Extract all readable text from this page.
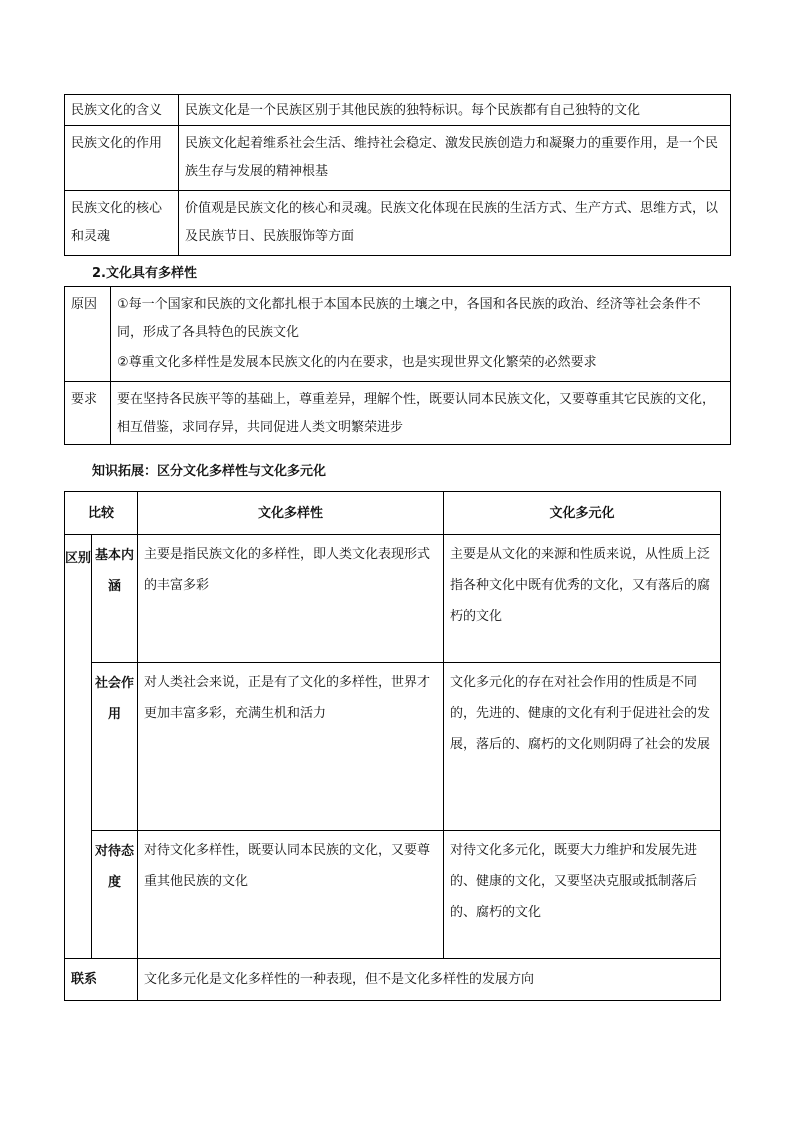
民族文化的含义	民族文化是一个民族区别于其他民族的独特标识。每个民族都有自己独特的文化
民族文化的作用	民族文化起着维系社会生活、维持社会稳定、激发民族创造力和凝聚力的重要作用，是一个民族生存与发展的精神根基
民族文化的核心和灵魂	价值观是民族文化的核心和灵魂。民族文化体现在民族的生活方式、生产方式、思维方式，以及民族节日、民族服饰等方面
2.文化具有多样性
原因	①每一个国家和民族的文化都扎根于本国本民族的土壤之中，各国和各民族的政治、经济等社会条件不同，形成了各具特色的民族文化
②尊重文化多样性是发展本民族文化的内在要求，也是实现世界文化繁荣的必然要求

要求	要在坚持各民族平等的基础上，尊重差异，理解个性，既要认同本民族文化，又要尊重其它民族的文化，相互借鉴，求同存异，共同促进人类文明繁荣进步
知识拓展：区分文化多样性与文化多元化
比较		文化多样性	文化多元化
区别	基本内涵	主要是指民族文化的多样性，即人类文化表现形式的丰富多彩	主要是从文化的来源和性质来说，从性质上泛指各种文化中既有优秀的文化，又有落后的腐朽的文化
	社会作用	对人类社会来说，正是有了文化的多样性，世界才更加丰富多彩，充满生机和活力	文化多元化的存在对社会作用的性质是不同的，先进的、健康的文化有利于促进社会的发展，落后的、腐朽的文化则阴碍了社会的发展
	对待态度	对待文化多样性，既要认同本民族的文化，又要尊重其他民族的文化	对待文化多元化，既要大力维护和发展先进的、健康的文化，又要坚决克服或抵制落后的、腐朽的文化
联系		文化多元化是文化多样性的一种表现，但不是文化多样性的发展方向	
